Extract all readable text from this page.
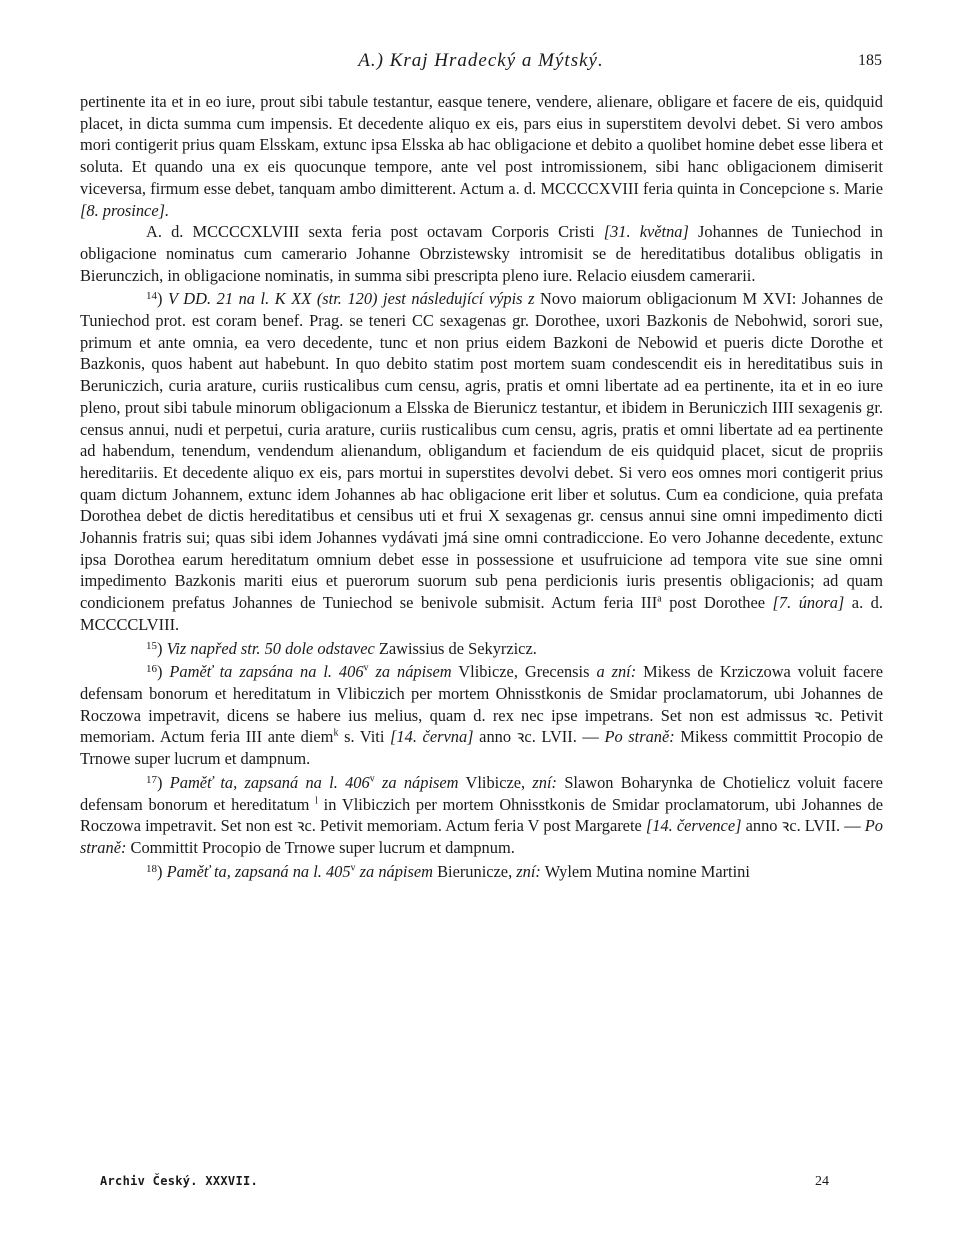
A.) Kraj Hradecký a Mýtský.	185

pertinente ita et in eo iure, prout sibi tabule testantur, easque tenere, vendere, alienare, obligare et facere de eis, quidquid placet, in dicta summa cum impensis. Et decedente aliquo ex eis, pars eius in superstitem devolvi debet. Si vero ambos mori contigerit prius quam Elsskam, extunc ipsa Elsska ab hac obligacione et debito a quolibet homine debet esse libera et soluta. Et quando una ex eis quocunque tempore, ante vel post intromissionem, sibi hanc obligacionem dimiserit viceversa, firmum esse debet, tanquam ambo dimitterent. Actum a. d. MCCCCXVIII feria quinta in Concepcione s. Marie [8. prosince].

A. d. MCCCCXLVIII sexta feria post octavam Corporis Cristi [31. května] Johannes de Tuniechod in obligacione nominatus cum camerario Johanne Obrzistewsky intromisit se de hereditatibus dotalibus obligatis in Bierunczich, in obligacione nominatis, in summa sibi prescripta pleno iure. Relacio eiusdem camerarii.

$^{14}$) V DD. 21 na l. K XX (str. 120) jest následující výpis z Novo maiorum obligacionum M XVI: Johannes de Tuniechod prot. est coram benef. Prag. se teneri CC sexagenas gr. Dorothee, uxori Bazkonis de Nebohwid, sorori sue, primum et ante omnia, ea vero decedente, tunc et non prius eidem Bazkoni de Nebowid et pueris dicte Dorothe et Bazkonis, quos habent aut habebunt. In quo debito statim post mortem suam condescendit eis in hereditatibus suis in Beruniczich, curia arature, curiis rusticalibus cum censu, agris, pratis et omni libertate ad ea pertinente, ita et in eo iure pleno, prout sibi tabule minorum obligacionum a Elsska de Bierunicz testantur, et ibidem in Beruniczich IIII sexagenis gr. census annui, nudi et perpetui, curia arature, curiis rusticalibus cum censu, agris, pratis et omni libertate ad ea pertinente ad habendum, tenendum, vendendum alienandum, obligandum et faciendum de eis quidquid placet, sicut de propriis hereditariis. Et decedente aliquo ex eis, pars mortui in superstites devolvi debet. Si vero eos omnes mori contigerit prius quam dictum Johannem, extunc idem Johannes ab hac obligacione erit liber et solutus. Cum ea condicione, quia prefata Dorothea debet de dictis hereditatibus et censibus uti et frui X sexagenas gr. census annui sine omni impedimento dicti Johannis fratris sui; quas sibi idem Johannes vydávati jmá sine omni contradiccione. Eo vero Johanne decedente, extunc ipsa Dorothea earum hereditatum omnium debet esse in possessione et usufruicione ad tempora vite sue sine omni impedimento Bazkonis mariti eius et puerorum suorum sub pena perdicionis iuris presentis obligacionis; ad quam condicionem prefatus Johannes de Tuniechod se benivole submisit. Actum feria III$^a$ post Dorothee [7. února] a. d. MCCCCLVIII.

$^{15}$) Viz napřed str. 50 dole odstavec Zawissius de Sekyrzicz.

$^{16}$) Paměť ta zapsána na l. 406$^v$ za nápisem Vlibicze, Grecensis a zní: Mikess de Krziczowa voluit facere defensam bonorum et hereditatum in Vlibiczich per mortem Ohnisstkonis de Smidar proclamatorum, ubi Johannes de Roczowa impetravit, dicens se habere ius melius, quam d. rex nec ipse impetrans. Set non est admissus ꝛc. Petivit memoriam. Actum feria III ante diem$^k$ s. Viti [14. června] anno ꝛc. LVII. — Po straně: Mikess committit Procopio de Trnowe super lucrum et dampnum.

$^{17}$) Paměť ta, zapsaná na l. 406$^v$ za nápisem Vlibicze, zní: Slawon Boharynka de Chotielicz voluit facere defensam bonorum et hereditatum $^l$ in Vlibiczich per mortem Ohnisstkonis de Smidar proclamatorum, ubi Johannes de Roczowa impetravit. Set non est ꝛc. Petivit memoriam. Actum feria V post Margarete [14. července] anno ꝛc. LVII. — Po straně: Committit Procopio de Trnowe super lucrum et dampnum.

$^{18}$) Paměť ta, zapsaná na l. 405$^v$ za nápisem Bierunicze, zní: Wylem Mutina nomine Martini

Archiv Český. XXXVII.	24
